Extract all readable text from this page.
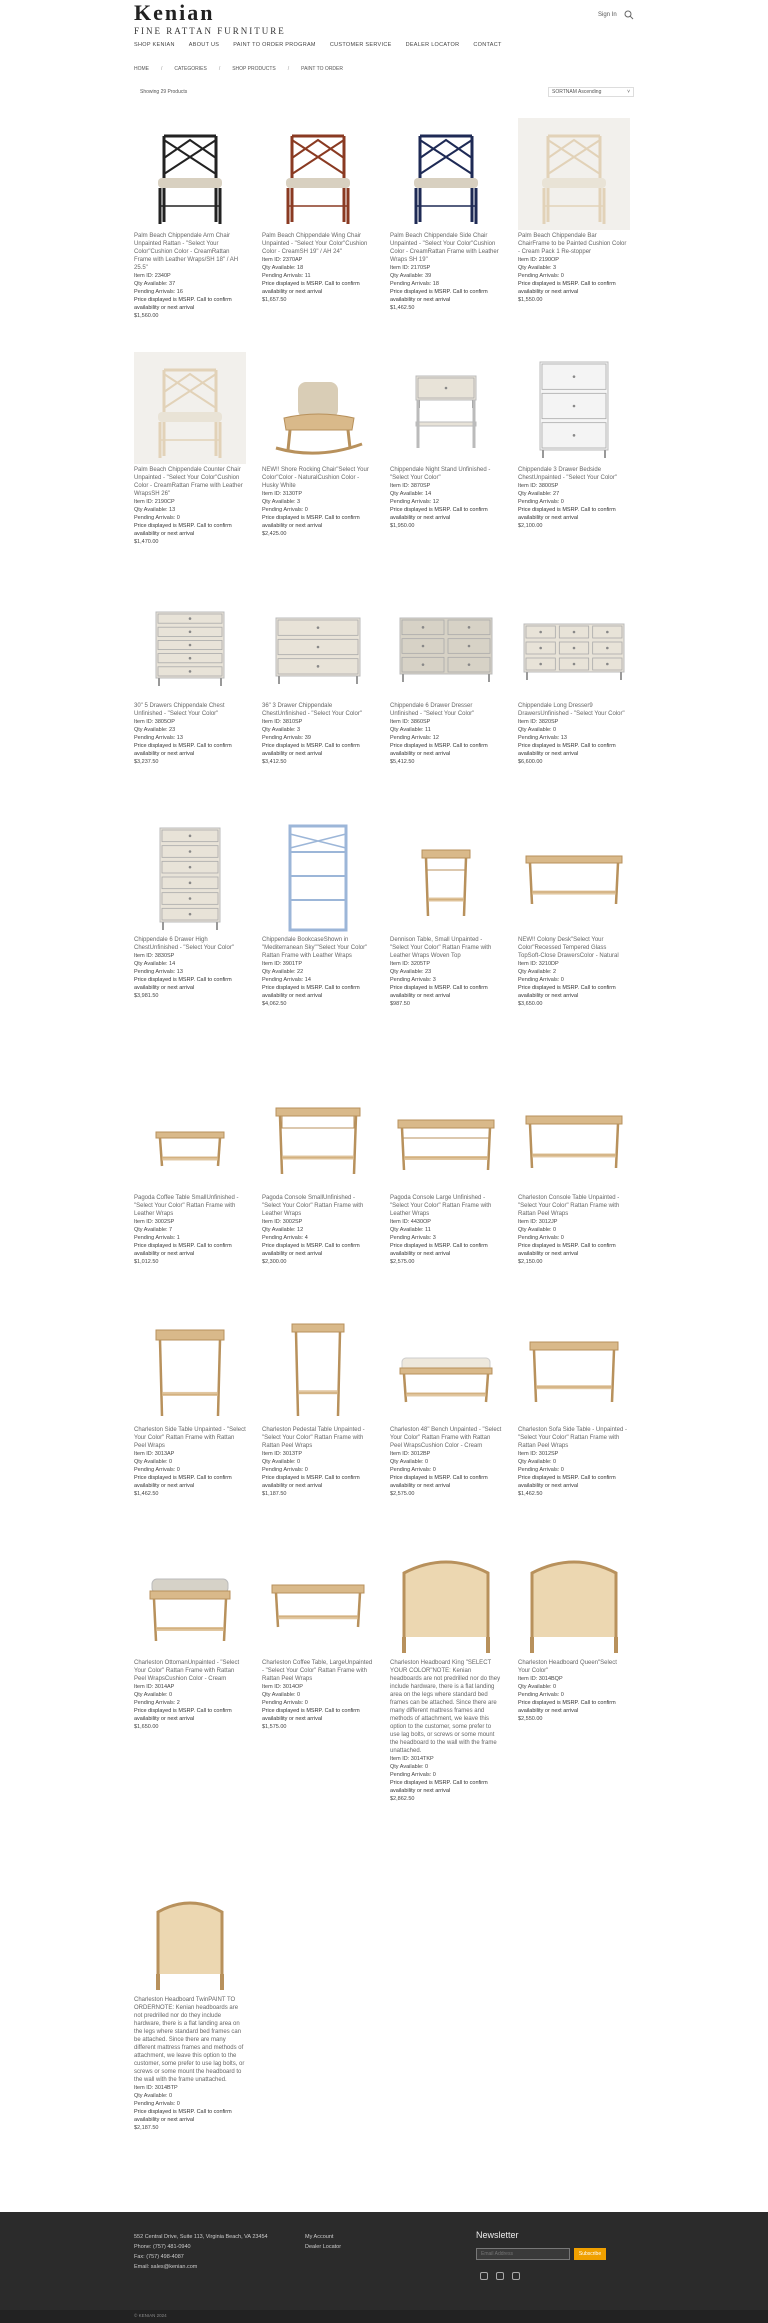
Kenian
FINE RATTAN FURNITURE
Sign In
SHOP KENIAN	ABOUT US	PAINT TO ORDER PROGRAM	CUSTOMER SERVICE	DEALER LOCATOR	CONTACT
HOME / CATEGORIES / SHOP PRODUCTS / PAINT TO ORDER
Showing 29 Products	SORTNAM Ascending	˅
Palm Beach Chippendale Arm Chair Unpainted Rattan - "Select Your Color"Cushion Color - CreamRattan Frame with Leather Wraps/SH 18" / AH 25.5"
Item ID: 2340P
Qty Available: 37
Pending Arrivals: 16
Price displayed is MSRP. Call to confirm availability or next arrival
$1,560.00
Palm Beach Chippendale Wing Chair Unpainted - "Select Your Color"Cushion Color - CreamSH 19" / AH 24"
Item ID: 2370AP
Qty Available: 18
Pending Arrivals: 11
Price displayed is MSRP. Call to confirm availability or next arrival
$1,657.50
Palm Beach Chippendale Side Chair Unpainted - "Select Your Color"Cushion Color - CreamRattan Frame with Leather Wraps SH 19"
Item ID: 2170SP
Qty Available: 39
Pending Arrivals: 18
Price displayed is MSRP. Call to confirm availability or next arrival
$1,462.50
Palm Beach Chippendale Bar ChairFrame to be Painted Cushion Color - Cream Pack 1 Re-stopper
Item ID: 2190OP
Qty Available: 3
Pending Arrivals: 0
Price displayed is MSRP. Call to confirm availability or next arrival
$1,550.00
Palm Beach Chippendale Counter Chair Unpainted - "Select Your Color"Cushion Color - CreamRattan Frame with Leather WrapsSH 26"
Item ID: 2190CP
Qty Available: 13
Pending Arrivals: 0
Price displayed is MSRP. Call to confirm availability or next arrival
$1,470.00
NEW!! Shore Rocking Chair"Select Your Color"Color - NaturalCushion Color - Husky White
Item ID: 3130TP
Qty Available: 3
Pending Arrivals: 0
Price displayed is MSRP. Call to confirm availability or next arrival
$2,425.00
Chippendale Night Stand Unfinished - "Select Your Color"
Item ID: 3870SP
Qty Available: 14
Pending Arrivals: 12
Price displayed is MSRP. Call to confirm availability or next arrival
$1,950.00
Chippendale 3 Drawer Bedside ChestUnpainted - "Select Your Color"
Item ID: 3800SP
Qty Available: 27
Pending Arrivals: 0
Price displayed is MSRP. Call to confirm availability or next arrival
$2,100.00
30" 5 Drawers Chippendale Chest Unfinished - "Select Your Color"
Item ID: 3805OP
Qty Available: 23
Pending Arrivals: 13
Price displayed is MSRP. Call to confirm availability or next arrival
$3,237.50
36" 3 Drawer Chippendale ChestUnfinished - "Select Your Color"
Item ID: 3810SP
Qty Available: 3
Pending Arrivals: 39
Price displayed is MSRP. Call to confirm availability or next arrival
$3,412.50
Chippendale 6 Drawer Dresser Unfinished - "Select Your Color"
Item ID: 3860SP
Qty Available: 11
Pending Arrivals: 12
Price displayed is MSRP. Call to confirm availability or next arrival
$5,412.50
Chippendale Long Dresser9 DrawersUnfinished - "Select Your Color"
Item ID: 3820SP
Qty Available: 0
Pending Arrivals: 13
Price displayed is MSRP. Call to confirm availability or next arrival
$6,600.00
Chippendale 6 Drawer High ChestUnfinished - "Select Your Color"
Item ID: 3830SP
Qty Available: 14
Pending Arrivals: 13
Price displayed is MSRP. Call to confirm availability or next arrival
$3,981.50
Chippendale BookcaseShown in "Mediterranean Sky""Select Your Color" Rattan Frame with Leather Wraps
Item ID: 3901TP
Qty Available: 22
Pending Arrivals: 14
Price displayed is MSRP. Call to confirm availability or next arrival
$4,062.50
Dennison Table, Small Unpainted - "Select Your Color" Rattan Frame with Leather Wraps Woven Top
Item ID: 3205TP
Qty Available: 23
Pending Arrivals: 3
Price displayed is MSRP. Call to confirm availability or next arrival
$987.50
NEW!! Colony Desk"Select Your Color"Recessed Tempered Glass TopSoft-Close DrawersColor - Natural
Item ID: 3210DP
Qty Available: 2
Pending Arrivals: 0
Price displayed is MSRP. Call to confirm availability or next arrival
$3,650.00
Pagoda Coffee Table SmallUnfinished - "Select Your Color" Rattan Frame with Leather Wraps
Item ID: 3002SP
Qty Available: 7
Pending Arrivals: 1
Price displayed is MSRP. Call to confirm availability or next arrival
$1,012.50
Pagoda Console SmallUnfinished - "Select Your Color" Rattan Frame with Leather Wraps
Item ID: 3002SP
Qty Available: 12
Pending Arrivals: 4
Price displayed is MSRP. Call to confirm availability or next arrival
$2,300.00
Pagoda Console Large Unfinished - "Select Your Color" Rattan Frame with Leather Wraps
Item ID: 4430OP
Qty Available: 11
Pending Arrivals: 3
Price displayed is MSRP. Call to confirm availability or next arrival
$2,575.00
Charleston Console Table Unpainted - "Select Your Color" Rattan Frame with Rattan Peel Wraps
Item ID: 3012JP
Qty Available: 0
Pending Arrivals: 0
Price displayed is MSRP. Call to confirm availability or next arrival
$2,150.00
Charleston Side Table Unpainted - "Select Your Color" Rattan Frame with Rattan Peel Wraps
Item ID: 3013AP
Qty Available: 0
Pending Arrivals: 0
Price displayed is MSRP. Call to confirm availability or next arrival
$1,462.50
Charleston Pedestal Table Unpainted - "Select Your Color" Rattan Frame with Rattan Peel Wraps
Item ID: 3013TP
Qty Available: 0
Pending Arrivals: 0
Price displayed is MSRP. Call to confirm availability or next arrival
$1,187.50
Charleston 48" Bench Unpainted - "Select Your Color" Rattan Frame with Rattan Peel WrapsCushion Color - Cream
Item ID: 3012BP
Qty Available: 0
Pending Arrivals: 0
Price displayed is MSRP. Call to confirm availability or next arrival
$2,575.00
Charleston Sofa Side Table - Unpainted - "Select Your Color" Rattan Frame with Rattan Peel Wraps
Item ID: 3012SP
Qty Available: 0
Pending Arrivals: 0
Price displayed is MSRP. Call to confirm availability or next arrival
$1,462.50
Charleston OttomanUnpainted - "Select Your Color" Rattan Frame with Rattan Peel WrapsCushion Color - Cream
Item ID: 3014AP
Qty Available: 0
Pending Arrivals: 2
Price displayed is MSRP. Call to confirm availability or next arrival
$1,650.00
Charleston Coffee Table, LargeUnpainted - "Select Your Color" Rattan Frame with Rattan Peel Wraps
Item ID: 3014OP
Qty Available: 0
Pending Arrivals: 0
Price displayed is MSRP. Call to confirm availability or next arrival
$1,575.00
Charleston Headboard King "SELECT YOUR COLOR"NOTE: Kenian headboards are not predrilled nor do they include hardware, there is a flat landing area on the legs where standard bed frames can be attached. Since there are many different mattress frames and methods of attachment, we leave this option to the customer, some prefer to use lag bolts, or screws or some mount the headboard to the wall with the frame unattached.
Item ID: 3014TKP
Qty Available: 0
Pending Arrivals: 0
Price displayed is MSRP. Call to confirm availability or next arrival
$2,862.50
Charleston Headboard Queen"Select Your Color"
Item ID: 3014BQP
Qty Available: 0
Pending Arrivals: 0
Price displayed is MSRP. Call to confirm availability or next arrival
$2,550.00
Charleston Headboard TwinPAINT TO ORDERNOTE: Kenian headboards are not predrilled nor do they include hardware, there is a flat landing area on the legs where standard bed frames can be attached. Since there are many different mattress frames and methods of attachment, we leave this option to the customer, some prefer to use lag bolts, or screws or some mount the headboard to the wall with the frame unattached.
Item ID: 3014BTP
Qty Available: 0
Pending Arrivals: 0
Price displayed is MSRP. Call to confirm availability or next arrival
$2,187.50
552 Central Drive, Suite 113, Virginia Beach, VA 23454
Phone: (757) 481-0940
Fax: (757) 498-4087
Email: sales@kenian.com
My Account
Dealer Locator
Newsletter
Email Address
Subscribe
© KENIAN 2024
